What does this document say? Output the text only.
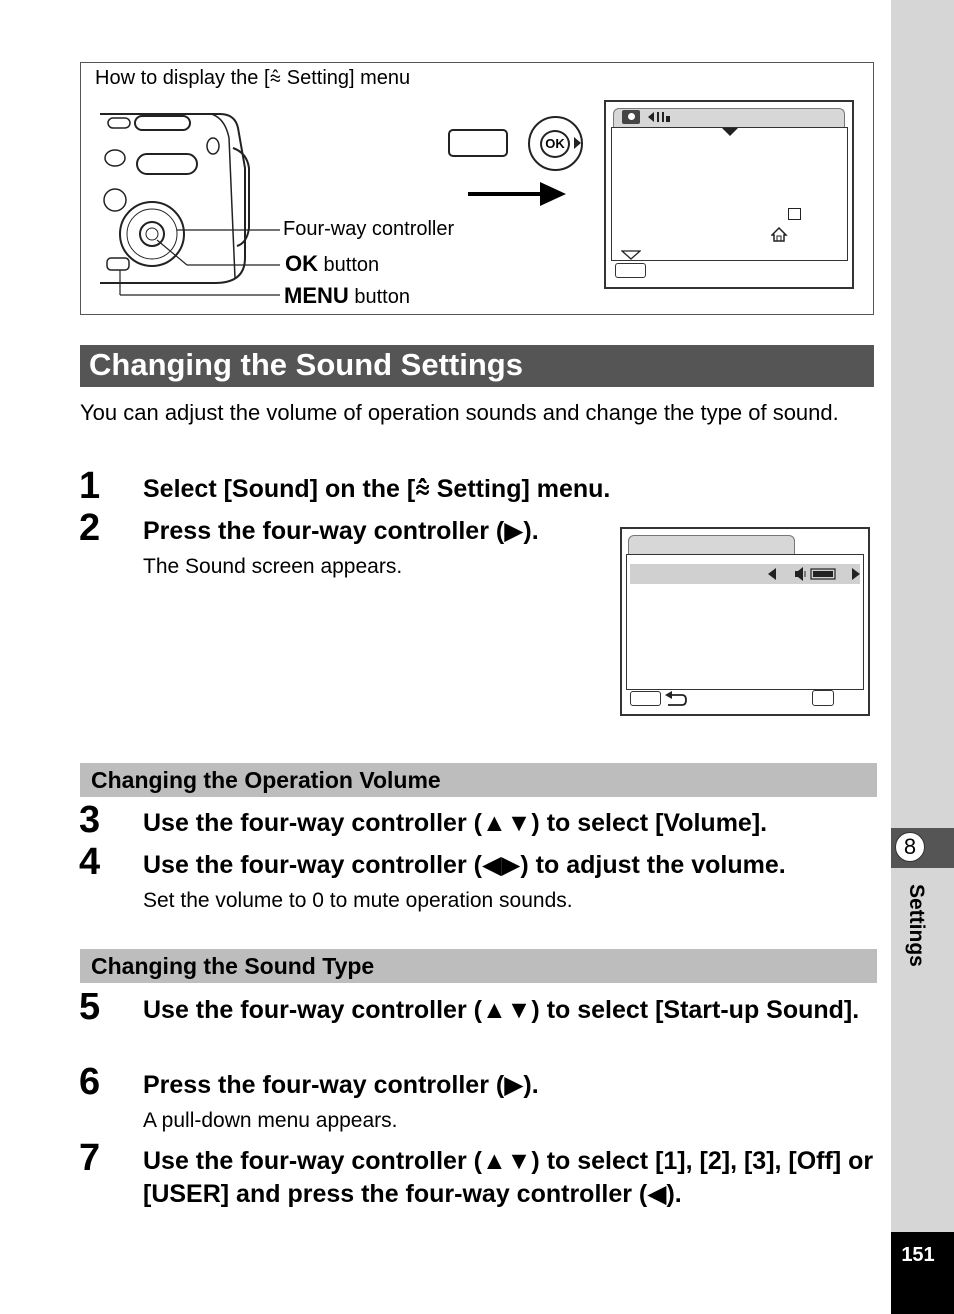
8
Settings
151
How to display the [⩯ Setting] menu
Four-way controller
OK button
MENU button
OK
Changing the Sound Settings
You can adjust the volume of operation sounds and change the type of sound.
1 Select [Sound] on the [⩯ Setting] menu.
2 Press the four-way controller (▶).
The Sound screen appears.
Changing the Operation Volume
3 Use the four-way controller (▲▼) to select [Volume].
4 Use the four-way controller (◀▶) to adjust the volume.
Set the volume to 0 to mute operation sounds.
Changing the Sound Type
5 Use the four-way controller (▲▼) to select [Start-up Sound].
6 Press the four-way controller (▶).
A pull-down menu appears.
7 Use the four-way controller (▲▼) to select [1], [2], [3], [Off] or [USER] and press the four-way controller (◀).
